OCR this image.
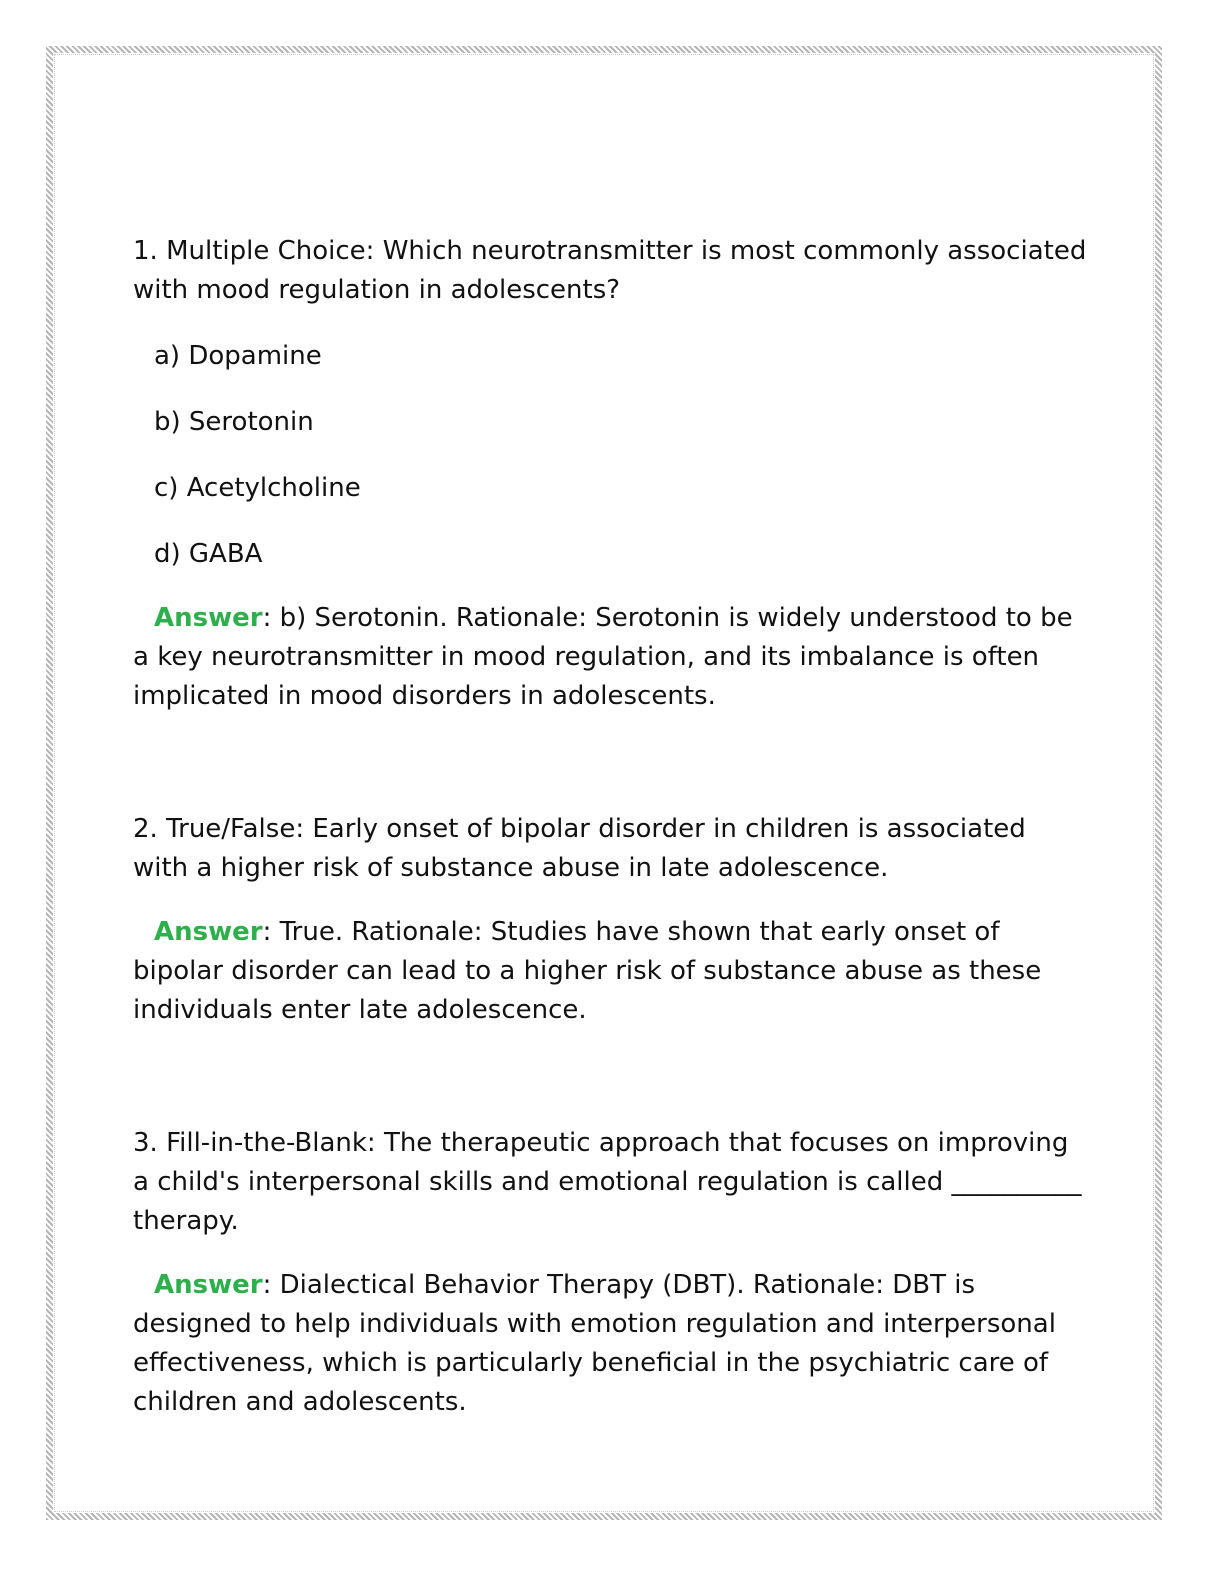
1. Multiple Choice: Which neurotransmitter is most commonly associated with mood regulation in adolescents?

a) Dopamine

b) Serotonin

c) Acetylcholine

d) GABA

Answer: b) Serotonin. Rationale: Serotonin is widely understood to be a key neurotransmitter in mood regulation, and its imbalance is often implicated in mood disorders in adolescents.

2. True/False: Early onset of bipolar disorder in children is associated with a higher risk of substance abuse in late adolescence.

Answer: True. Rationale: Studies have shown that early onset of bipolar disorder can lead to a higher risk of substance abuse as these individuals enter late adolescence.

3. Fill-in-the-Blank: The therapeutic approach that focuses on improving a child's interpersonal skills and emotional regulation is called __________ therapy.

Answer: Dialectical Behavior Therapy (DBT). Rationale: DBT is designed to help individuals with emotion regulation and interpersonal effectiveness, which is particularly beneficial in the psychiatric care of children and adolescents.
